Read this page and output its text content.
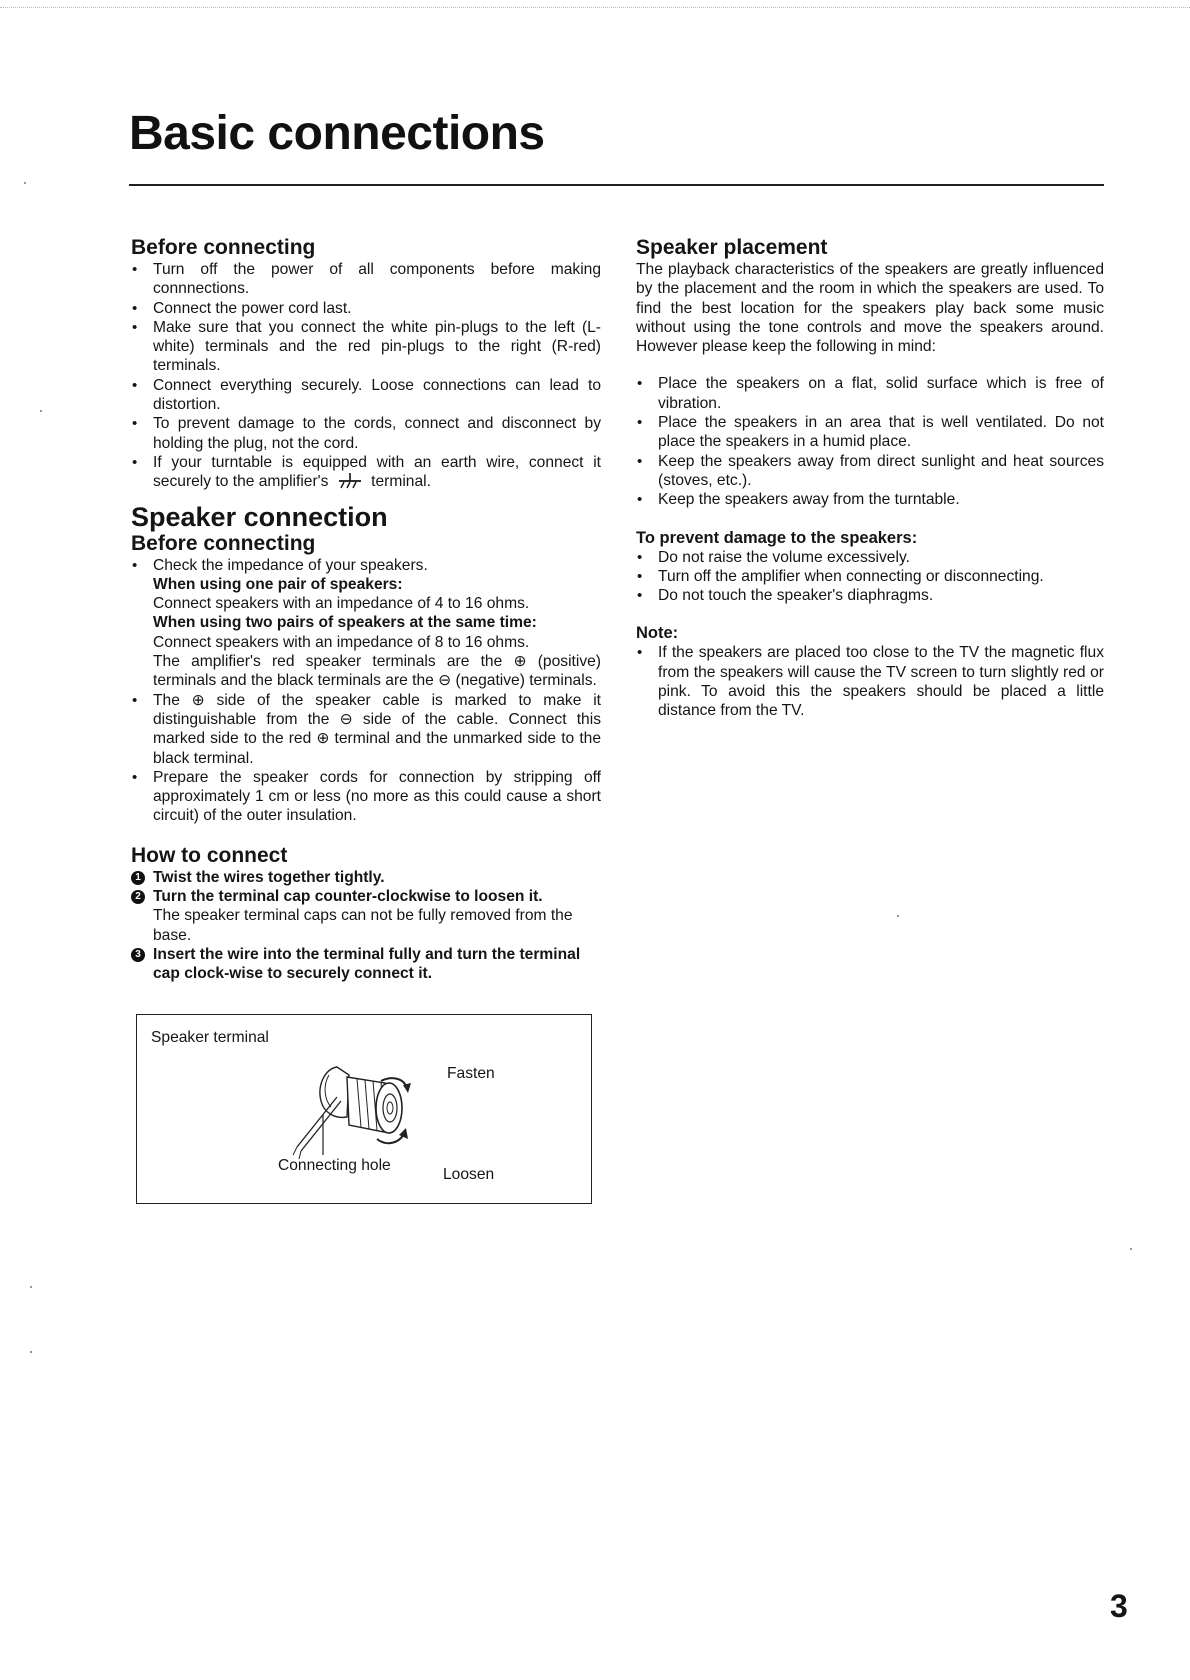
Basic connections
Before connecting
• Turn off the power of all components before making connnections.
• Connect the power cord last.
• Make sure that you connect the white pin-plugs to the left (L-white) terminals and the red pin-plugs to the right (R-red) terminals.
• Connect everything securely. Loose connections can lead to distortion.
• To prevent damage to the cords, connect and disconnect by holding the plug, not the cord.
• If your turntable is equipped with an earth wire, connect it securely to the amplifier's	terminal.
Speaker connection
Before connecting
• Check the impedance of your speakers.
When using one pair of speakers:
Connect speakers with an impedance of 4 to 16 ohms.
When using two pairs of speakers at the same time:
Connect speakers with an impedance of 8 to 16 ohms.
The amplifier's red speaker terminals are the ⊕ (positive) terminals and the black terminals are the ⊖ (negative) terminals.
• The ⊕ side of the speaker cable is marked to make it distinguishable from the ⊖ side of the cable. Connect this marked side to the red ⊕ terminal and the unmarked side to the black terminal.
• Prepare the speaker cords for connection by stripping off approximately 1 cm or less (no more as this could cause a short circuit) of the outer insulation.
How to connect
1 Twist the wires together tightly.
2 Turn the terminal cap counter-clockwise to loosen it.
The speaker terminal caps can not be fully removed from the base.
3 Insert the wire into the terminal fully and turn the terminal cap clock-wise to securely connect it.
Speaker terminal
Fasten
Connecting hole
Loosen
Speaker placement

The playback characteristics of the speakers are greatly influenced by the placement and the room in which the speakers are used. To find the best location for the speakers play back some music without using the tone controls and move the speakers around. However please keep the following in mind:

• Place the speakers on a flat, solid surface which is free of vibration.
• Place the speakers in an area that is well ventilated. Do not place the speakers in a humid place.
• Keep the speakers away from direct sunlight and heat sources (stoves, etc.).
• Keep the speakers away from the turntable.
To prevent damage to the speakers:
• Do not raise the volume excessively.
• Turn off the amplifier when connecting or disconnecting.
• Do not touch the speaker's diaphragms.
Note:
• If the speakers are placed too close to the TV the magnetic flux from the speakers will cause the TV screen to turn slightly red or pink. To avoid this the speakers should be placed a little distance from the TV.
3
